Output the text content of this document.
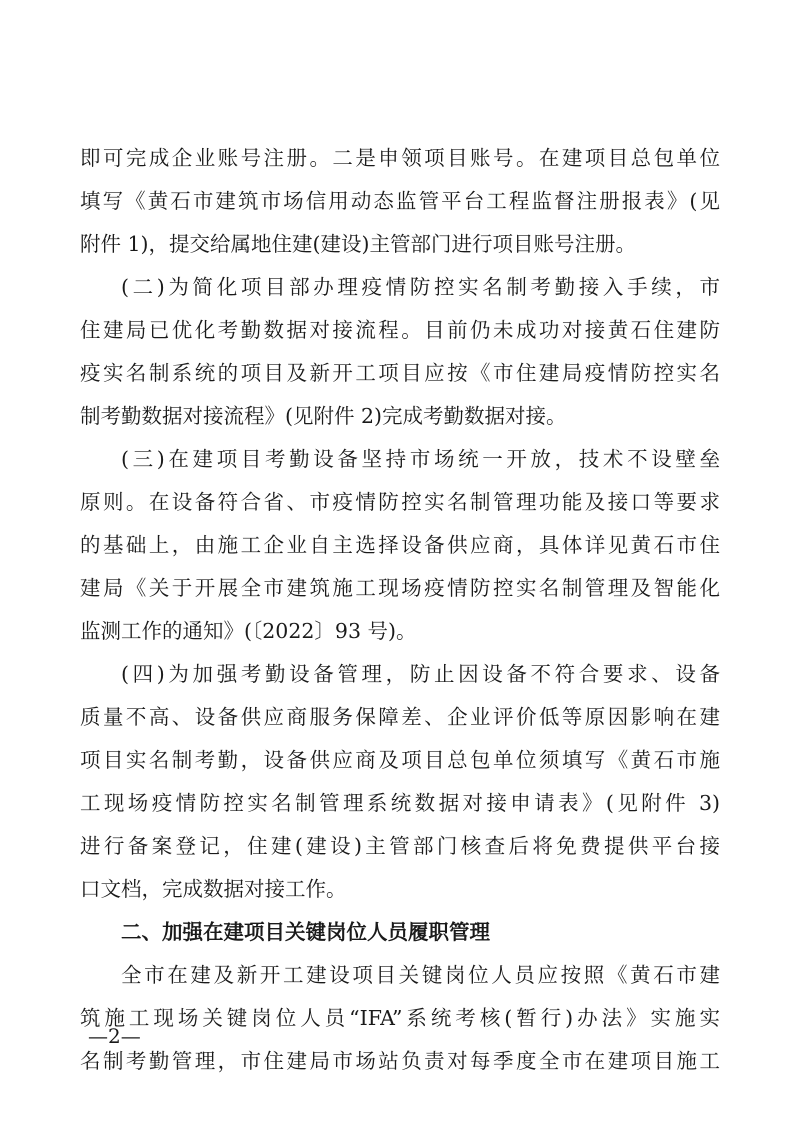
即可完成企业账号注册。二是申领项目账号。在建项目总包单位
填写《黄石市建筑市场信用动态监管平台工程监督注册报表》(见
附件 1)，提交给属地住建(建设)主管部门进行项目账号注册。
(二)为简化项目部办理疫情防控实名制考勤接入手续，市
住建局已优化考勤数据对接流程。目前仍未成功对接黄石住建防
疫实名制系统的项目及新开工项目应按《市住建局疫情防控实名
制考勤数据对接流程》(见附件 2)完成考勤数据对接。
(三)在建项目考勤设备坚持市场统一开放，技术不设壁垒
原则。在设备符合省、市疫情防控实名制管理功能及接口等要求
的基础上，由施工企业自主选择设备供应商，具体详见黄石市住
建局《关于开展全市建筑施工现场疫情防控实名制管理及智能化
监测工作的通知》(〔2022〕93 号)。
(四)为加强考勤设备管理，防止因设备不符合要求、设备
质量不高、设备供应商服务保障差、企业评价低等原因影响在建
项目实名制考勤，设备供应商及项目总包单位须填写《黄石市施
工现场疫情防控实名制管理系统数据对接申请表》(见附件 3)
进行备案登记，住建(建设)主管部门核查后将免费提供平台接
口文档，完成数据对接工作。
二、加强在建项目关键岗位人员履职管理
全市在建及新开工建设项目关键岗位人员应按照《黄石市建
筑施工现场关键岗位人员“IFA”系统考核(暂行)办法》实施实
名制考勤管理，市住建局市场站负责对每季度全市在建项目施工
—2—
